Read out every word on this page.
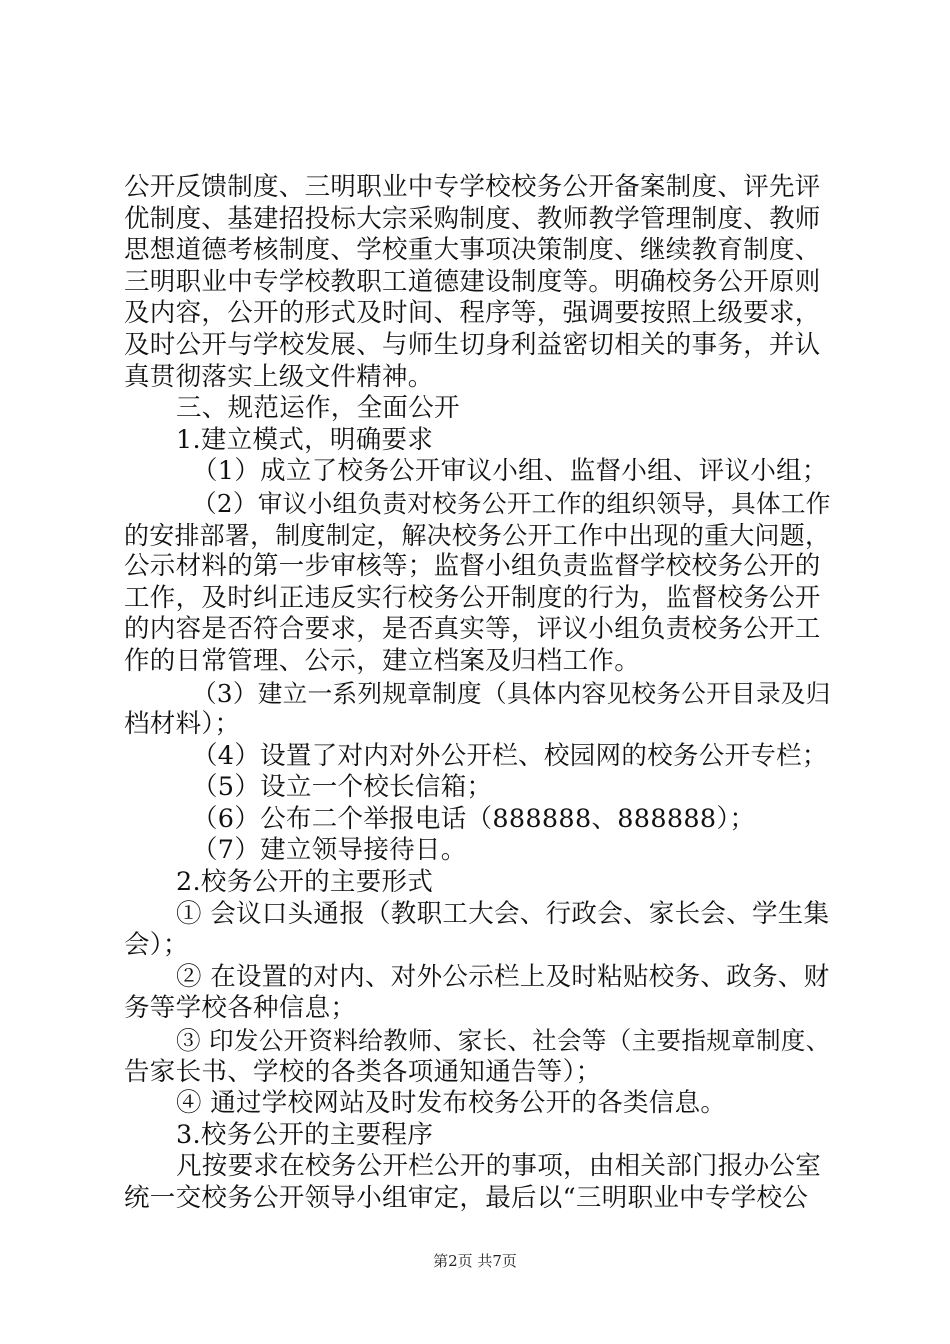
公开反馈制度、三明职业中专学校校务公开备案制度、评先评

优制度、基建招投标大宗采购制度、教师教学管理制度、教师

思想道德考核制度、学校重大事项决策制度、继续教育制度、

三明职业中专学校教职工道德建设制度等。明确校务公开原则

及内容，公开的形式及时间、程序等，强调要按照上级要求，

及时公开与学校发展、与师生切身利益密切相关的事务，并认

真贯彻落实上级文件精神。

三、规范运作，全面公开

1.建立模式，明确要求

（1）成立了校务公开审议小组、监督小组、评议小组；

（2）审议小组负责对校务公开工作的组织领导，具体工作

的安排部署，制度制定，解决校务公开工作中出现的重大问题，

公示材料的第一步审核等；监督小组负责监督学校校务公开的

工作，及时纠正违反实行校务公开制度的行为，监督校务公开

的内容是否符合要求，是否真实等，评议小组负责校务公开工

作的日常管理、公示，建立档案及归档工作。

（3）建立一系列规章制度（具体内容见校务公开目录及归

档材料）；

（4）设置了对内对外公开栏、校园网的校务公开专栏；

（5）设立一个校长信箱；

（6）公布二个举报电话（888888、888888）；

（7）建立领导接待日。

2.校务公开的主要形式

① 会议口头通报（教职工大会、行政会、家长会、学生集

会）；

② 在设置的对内、对外公示栏上及时粘贴校务、政务、财

务等学校各种信息；

③ 印发公开资料给教师、家长、社会等（主要指规章制度、

告家长书、学校的各类各项通知通告等）；

④ 通过学校网站及时发布校务公开的各类信息。

3.校务公开的主要程序

凡按要求在校务公开栏公开的事项，由相关部门报办公室

统一交校务公开领导小组审定，最后以“三明职业中专学校公

第2页 共7页
